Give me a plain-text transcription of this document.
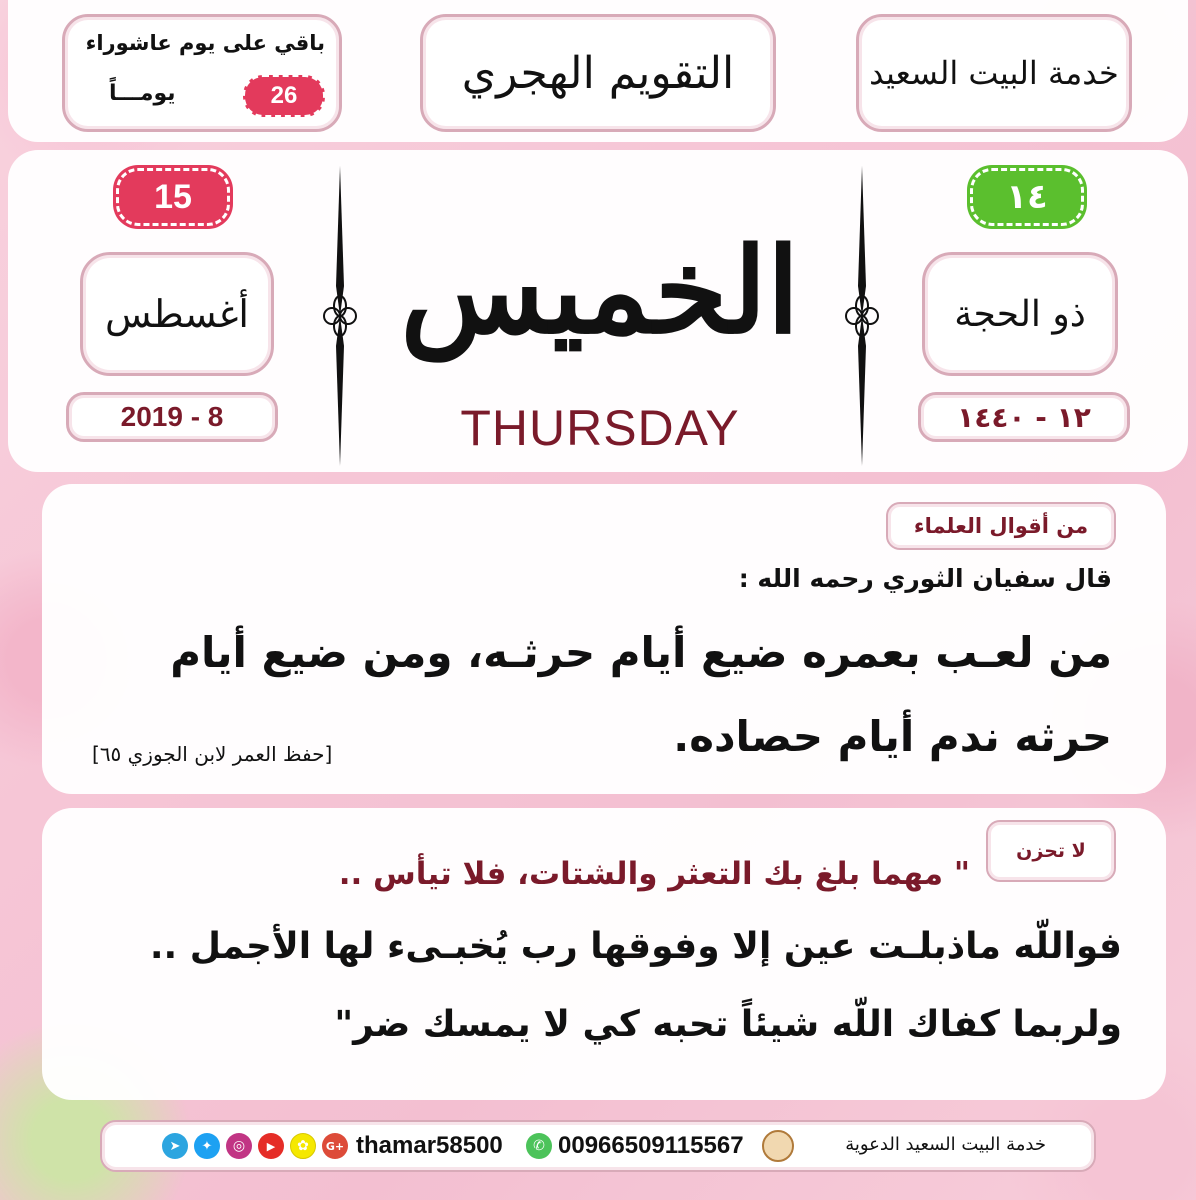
باقي على يوم عاشوراء
26
يومـــاً	التقويم الهجري	خدمة البيت السعيد
15
أغسطس
2019 - 8
الخميس
THURSDAY
١٤
ذو الحجة
١٢ - ١٤٤٠
من أقوال العلماء
قال سفيان الثوري رحمه الله :
من لعـب بعمره ضيع أيام حرثـه، ومن ضيع أيام
حرثه ندم أيام حصاده.
[حفظ العمر لابن الجوزي ٦٥]
لا تحزن
" مهما بلغ بك التعثر والشتات، فلا تيأس ..
فواللّه ماذبلـت عين إلا وفوقها رب يُخبـىء لها الأجمل ..
ولربما كفاك اللّه شيئاً تحبه كي لا يمسك ضر"
خدمة البيت السعيد الدعوية
00966509115567
✆
thamar58500
G+
✿
▶
◎
✦
➤
